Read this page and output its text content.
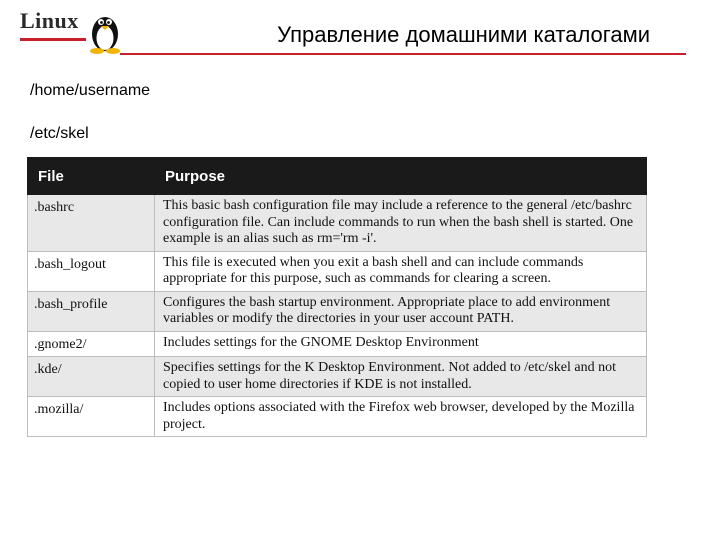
Linux
Управление домашними каталогами
/home/username
/etc/skel
File	Purpose
.bashrc	This basic bash configuration file may include a reference to the general /etc/bashrc configuration file. Can include commands to run when the bash shell is started. One example is an alias such as rm='rm -i'.
.bash_logout	This file is executed when you exit a bash shell and can include commands appropriate for this purpose, such as commands for clearing a screen.
.bash_profile	Configures the bash startup environment. Appropriate place to add environment variables or modify the directories in your user account PATH.
.gnome2/	Includes settings for the GNOME Desktop Environment
.kde/	Specifies settings for the K Desktop Environment. Not added to /etc/skel and not copied to user home directories if KDE is not installed.
.mozilla/	Includes options associated with the Firefox web browser, developed by the Mozilla project.
